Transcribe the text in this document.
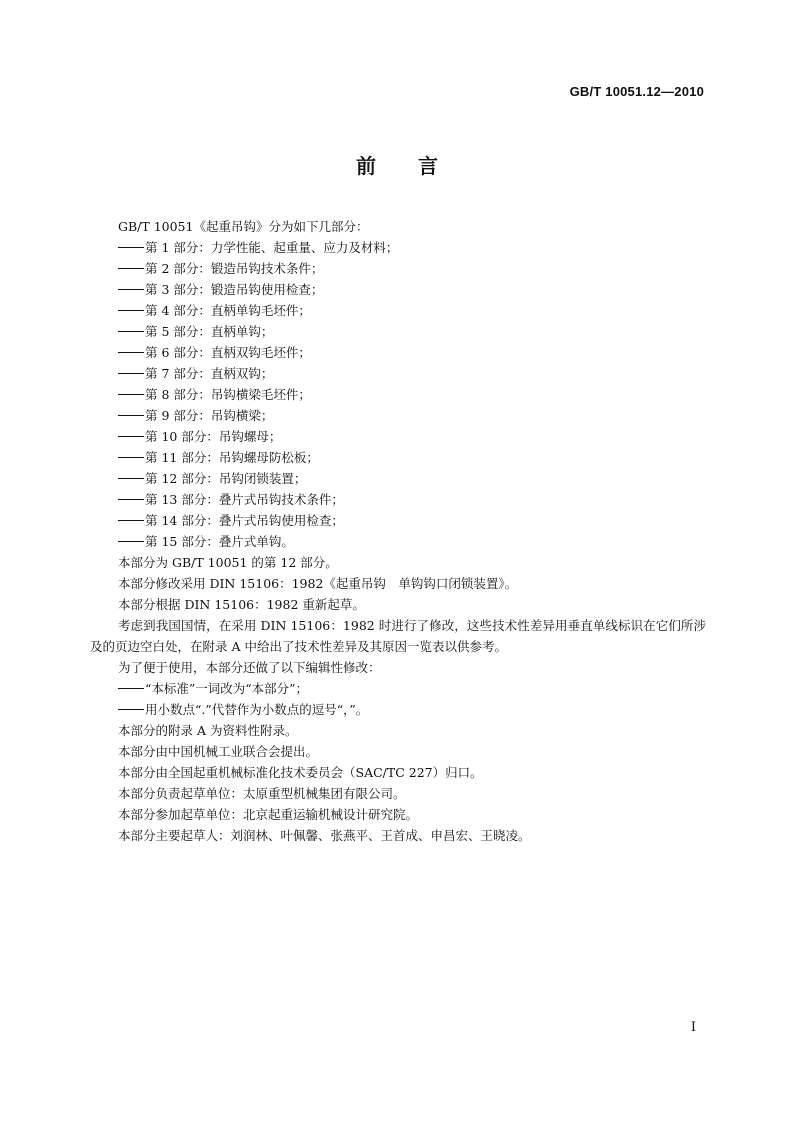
GB/T 10051.12—2010
前言
GB/T 10051《起重吊钩》分为如下几部分：
第 1 部分：力学性能、起重量、应力及材料；
第 2 部分：锻造吊钩技术条件；
第 3 部分：锻造吊钩使用检查；
第 4 部分：直柄单钩毛坯件；
第 5 部分：直柄单钩；
第 6 部分：直柄双钩毛坯件；
第 7 部分：直柄双钩；
第 8 部分：吊钩横梁毛坯件；
第 9 部分：吊钩横梁；
第 10 部分：吊钩螺母；
第 11 部分：吊钩螺母防松板；
第 12 部分：吊钩闭锁装置；
第 13 部分：叠片式吊钩技术条件；
第 14 部分：叠片式吊钩使用检查；
第 15 部分：叠片式单钩。
本部分为 GB/T 10051 的第 12 部分。
本部分修改采用 DIN 15106：1982《起重吊钩　单钩钩口闭锁装置》。
本部分根据 DIN 15106：1982 重新起草。
考虑到我国国情，在采用 DIN 15106：1982 时进行了修改，这些技术性差异用垂直单线标识在它们所涉及的页边空白处，在附录 A 中给出了技术性差异及其原因一览表以供参考。
为了便于使用，本部分还做了以下编辑性修改：
“本标准”一词改为“本部分”；
用小数点“.”代替作为小数点的逗号“，”。
本部分的附录 A 为资料性附录。
本部分由中国机械工业联合会提出。
本部分由全国起重机械标准化技术委员会（SAC/TC 227）归口。
本部分负责起草单位：太原重型机械集团有限公司。
本部分参加起草单位：北京起重运输机械设计研究院。
本部分主要起草人：刘润林、叶佩馨、张燕平、王首成、申昌宏、王晓凌。
I
